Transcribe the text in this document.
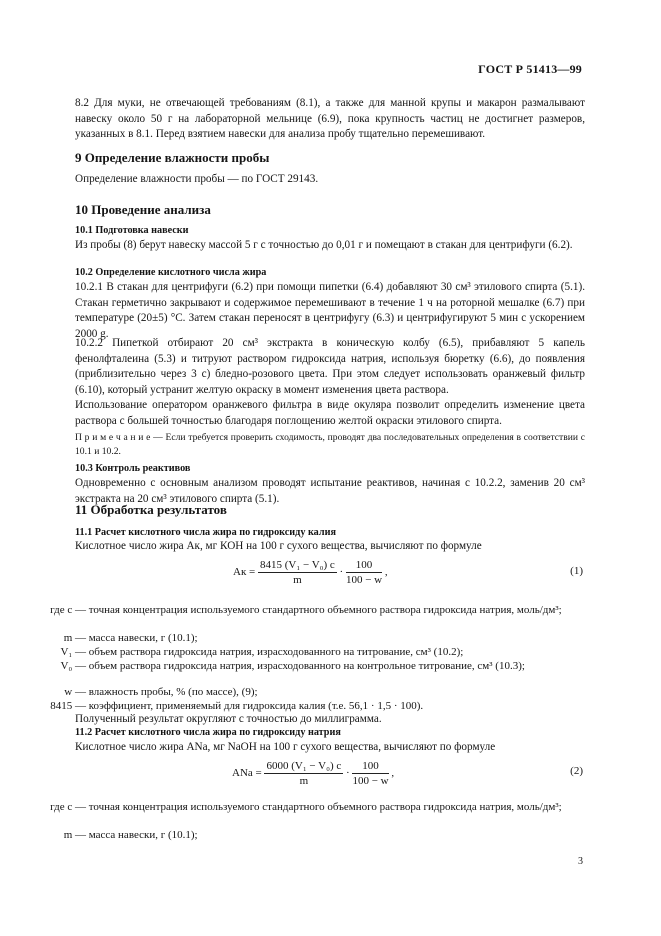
ГОСТ Р 51413—99
8.2 Для муки, не отвечающей требованиям (8.1), а также для манной крупы и макарон размалывают навеску около 50 г на лабораторной мельнице (6.9), пока крупность частиц не достигнет размеров, указанных в 8.1. Перед взятием навески для анализа пробу тщательно перемешивают.
9 Определение влажности пробы
Определение влажности пробы — по ГОСТ 29143.
10 Проведение анализа
10.1 Подготовка навески
Из пробы (8) берут навеску массой 5 г с точностью до 0,01 г и помещают в стакан для центрифуги (6.2).
10.2 Определение кислотного числа жира
10.2.1 В стакан для центрифуги (6.2) при помощи пипетки (6.4) добавляют 30 см³ этилового спирта (5.1). Стакан герметично закрывают и содержимое перемешивают в течение 1 ч на роторной мешалке (6.7) при температуре (20±5) °С. Затем стакан переносят в центрифугу (6.3) и центрифугируют 5 мин с ускорением 2000 g.
10.2.2 Пипеткой отбирают 20 см³ экстракта в коническую колбу (6.5), прибавляют 5 капель фенолфталеина (5.3) и титруют раствором гидроксида натрия, используя бюретку (6.6), до появления (приблизительно через 3 с) бледно-розового цвета. При этом следует использовать оранжевый фильтр (6.10), который устранит желтую окраску в момент изменения цвета раствора.
Использование оператором оранжевого фильтра в виде окуляра позволит определить изменение цвета раствора с большей точностью благодаря поглощению желтой окраски этилового спирта.
П р и м е ч а н и е — Если требуется проверить сходимость, проводят два последовательных определения в соответствии с 10.1 и 10.2.
10.3 Контроль реактивов
Одновременно с основным анализом проводят испытание реактивов, начиная с 10.2.2, заменив 20 см³ экстракта на 20 см³ этилового спирта (5.1).
11 Обработка результатов
11.1 Расчет кислотного числа жира по гидроксиду калия
Кислотное число жира Aк, мг КОН на 100 г сухого вещества, вычисляют по формуле
Aк = $\frac{\text{8415 (V₁ − V₀) c}}{m} \cdot \frac{100}{100 - w}$ ,	(1)
где c — точная концентрация используемого стандартного объемного раствора гидроксида натрия, моль/дм³;
m — масса навески, г (10.1);
V₁ — объем раствора гидроксида натрия, израсходованного на титрование, см³ (10.2);
V₀ — объем раствора гидроксида натрия, израсходованного на контрольное титрование, см³ (10.3);
w — влажность пробы, % (по массе), (9);
8415 — коэффициент, применяемый для гидроксида калия (т.е. 56,1 · 1,5 · 100).
Полученный результат округляют с точностью до миллиграмма.
11.2 Расчет кислотного числа жира по гидроксиду натрия
Кислотное число жира ANa, мг NaOH на 100 г сухого вещества, вычисляют по формуле
ANa = $\frac{\text{6000 (V₁ − V₀) c}}{m} \cdot \frac{100}{100 - w}$ ,	(2)
где c — точная концентрация используемого стандартного объемного раствора гидроксида натрия, моль/дм³;
m — масса навески, г (10.1);
3
